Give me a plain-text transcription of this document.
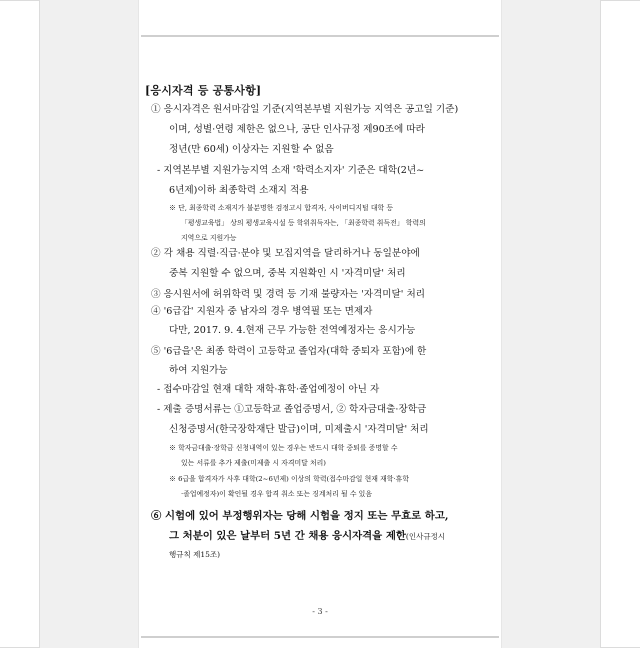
[응시자격 등 공통사항]
① 응시자격은 원서마감일 기준(지역본부별 지원가능 지역은 공고일 기준)
이며, 성별·연령 제한은 없으나, 공단 인사규정 제90조에 따라
정년(만 60세) 이상자는 지원할 수 없음
- 지역본부별 지원가능지역 소재 '학력소지자' 기준은 대학(2년~
6년제)이하 최종학력 소재지 적용
※ 단, 최종학력 소재지가 불분명한 검정고시 합격자, 사이버디지털 대학 등
「평생교육법」 상의 평생교육시설 등 학위취득자는, 「최종학력 취득전」 학력의
지역으로 지원가능
② 각 채용 직렬·직급·분야 및 모집지역을 달리하거나 동일분야에
중복 지원할 수 없으며, 중복 지원확인 시 '자격미달' 처리
③ 응시원서에 허위학력 및 경력 등 기재 불량자는 '자격미달' 처리
④ '6급갑' 지원자 중 남자의 경우 병역필 또는 면제자
다만, 2017. 9. 4.현재 근무 가능한 전역예정자는 응시가능
⑤ '6급을'은 최종 학력이 고등학교 졸업자(대학 중퇴자 포함)에 한
하여 지원가능
- 접수마감일 현재 대학 재학·휴학·졸업예정이 아닌 자
- 제출 증명서류는 ①고등학교 졸업증명서, ② 학자금대출·장학금
신청증명서(한국장학재단 발급)이며, 미제출시 '자격미달' 처리
※ 학자금대출·장학금 신청내역이 있는 경우는 반드시 대학 중퇴를 증명할 수
있는 서류를 추가 제출(미제출 시 자격미달 처리)
※ 6급을 합격자가 사후 대학(2~6년제) 이상의 학력(접수마감일 현재 재학·휴학
·졸업예정자)이 확인될 경우 합격 취소 또는 징계처리 될 수 있음
⑥ 시험에 있어 부정행위자는 당해 시험을 정지 또는 무효로 하고,
그 처분이 있은 날부터 5년 간 채용 응시자격을 제한(인사규정시
행규칙 제15조)
- 3 -
